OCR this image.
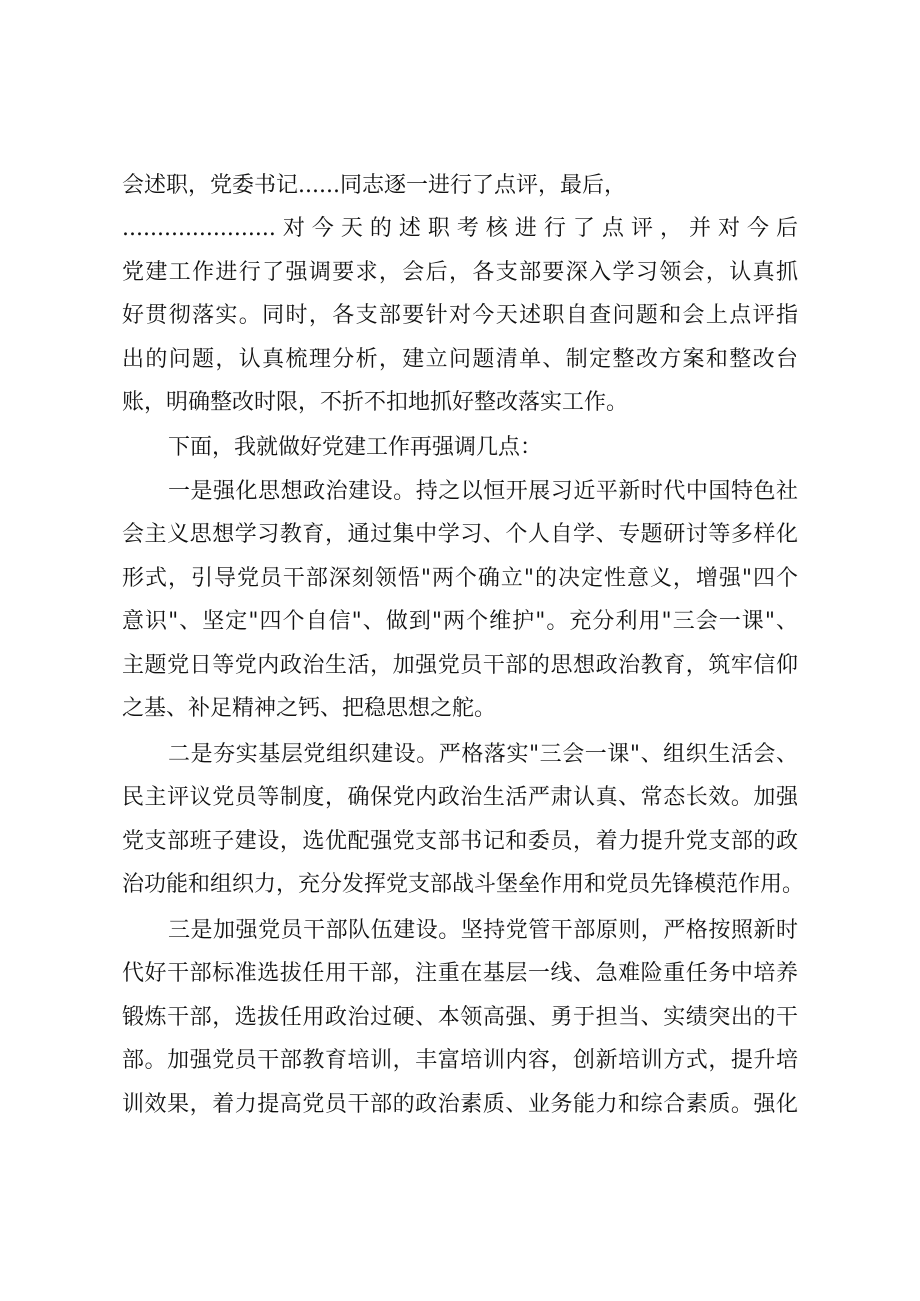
会述职，党委书记......同志逐一进行了点评，最后，
......................对今天的述职考核进行了点评，并对今后
党建工作进行了强调要求，会后，各支部要深入学习领会，认真抓
好贯彻落实。同时，各支部要针对今天述职自查问题和会上点评指
出的问题，认真梳理分析，建立问题清单、制定整改方案和整改台
账，明确整改时限，不折不扣地抓好整改落实工作。
下面，我就做好党建工作再强调几点：
一是强化思想政治建设。持之以恒开展习近平新时代中国特色社
会主义思想学习教育，通过集中学习、个人自学、专题研讨等多样化
形式，引导党员干部深刻领悟"两个确立"的决定性意义，增强"四个
意识"、坚定"四个自信"、做到"两个维护"。充分利用"三会一课"、
主题党日等党内政治生活，加强党员干部的思想政治教育，筑牢信仰
之基、补足精神之钙、把稳思想之舵。
二是夯实基层党组织建设。严格落实"三会一课"、组织生活会、
民主评议党员等制度，确保党内政治生活严肃认真、常态长效。加强
党支部班子建设，选优配强党支部书记和委员，着力提升党支部的政
治功能和组织力，充分发挥党支部战斗堡垒作用和党员先锋模范作用。
三是加强党员干部队伍建设。坚持党管干部原则，严格按照新时
代好干部标准选拔任用干部，注重在基层一线、急难险重任务中培养
锻炼干部，选拔任用政治过硬、本领高强、勇于担当、实绩突出的干
部。加强党员干部教育培训，丰富培训内容，创新培训方式，提升培
训效果，着力提高党员干部的政治素质、业务能力和综合素质。强化
